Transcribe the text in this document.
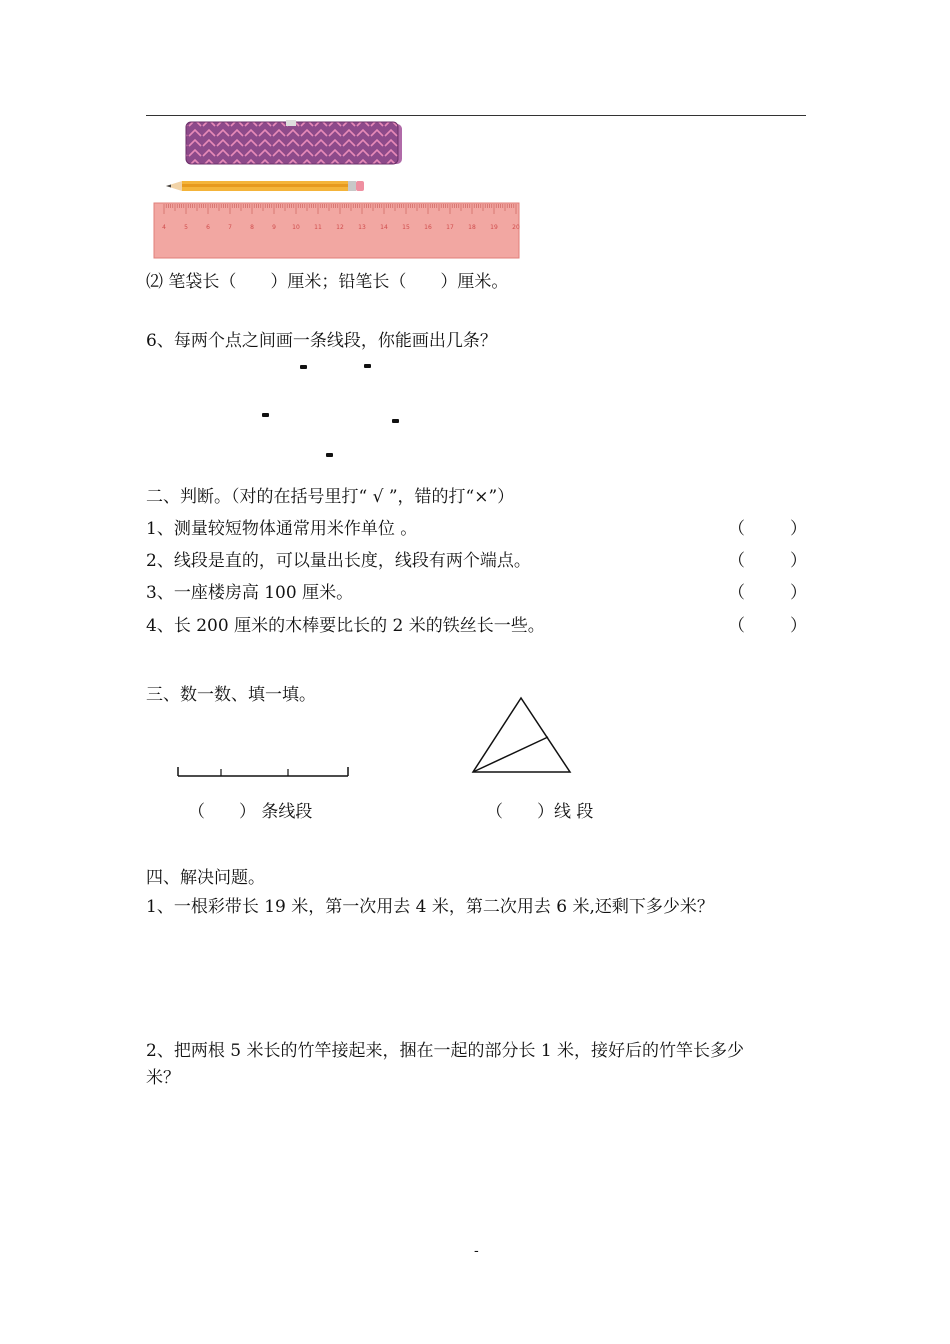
4	5	6	7	8	9	10 11 12 13 14 15 16 17 18 19 20
⑵ 笔袋长（　　）厘米；铅笔长（　　）厘米。
6、每两个点之间画一条线段，你能画出几条？
二、判断。（对的在括号里打“ √ ”，错的打“×”）
1、测量较短物体通常用米作单位 。	（	）
2、线段是直的，可以量出长度，线段有两个端点。	（	）
3、一座楼房高 100 厘米。	（	）
4、长 200 厘米的木棒要比长的 2 米的铁丝长一些。	（	）
三、数一数、填一填。
（　　） 条线段	（　　）线 段
四、解决问题。
1、一根彩带长 19 米，第一次用去 4 米，第二次用去 6 米,还剩下多少米？
2、把两根 5 米长的竹竿接起来，捆在一起的部分长 1 米，接好后的竹竿长多少
米？
-
